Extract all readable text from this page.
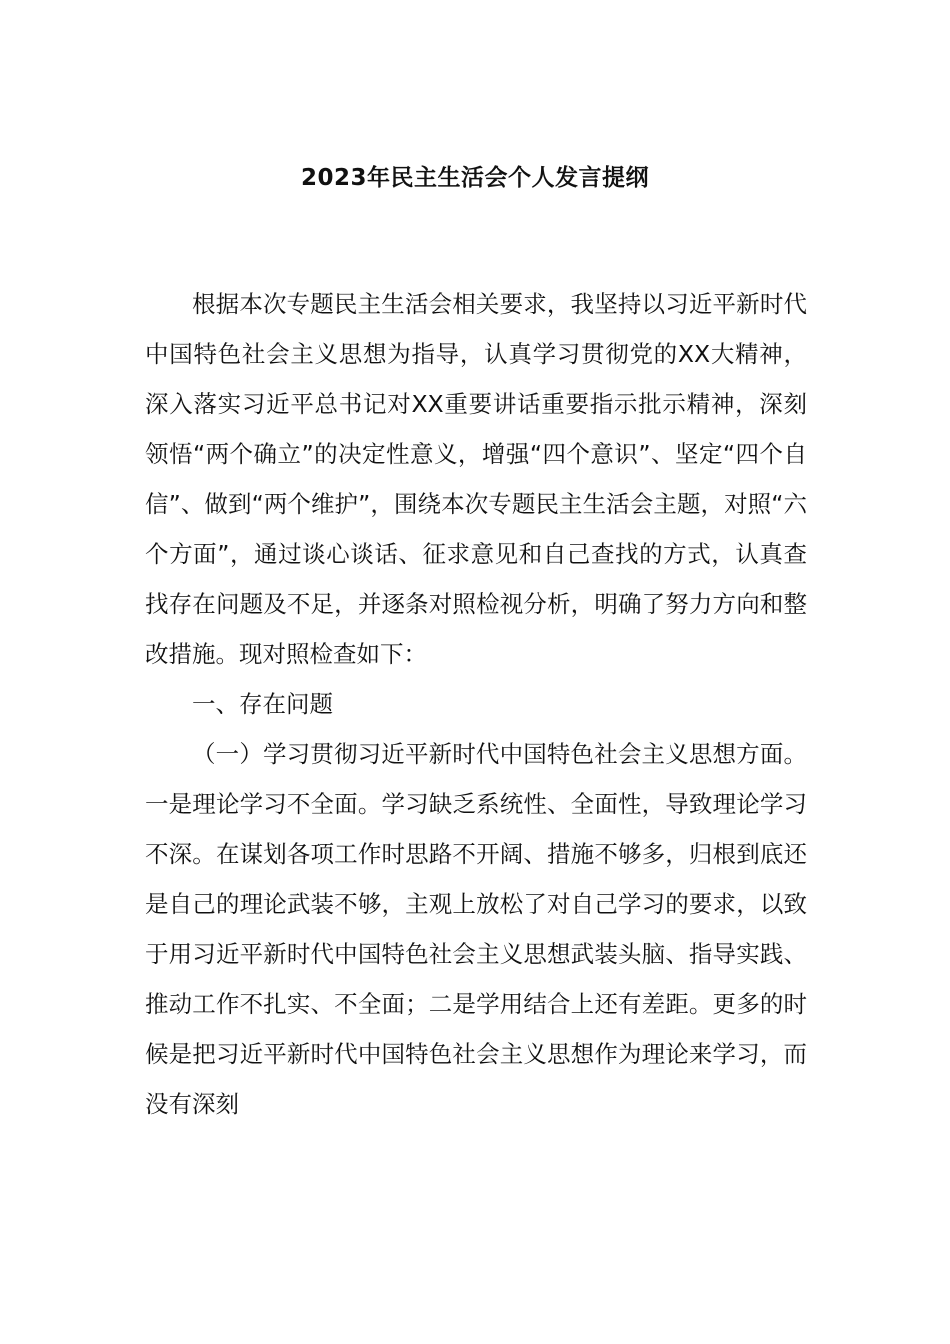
2023年民主生活会个人发言提纲

根据本次专题民主生活会相关要求，我坚持以习近平新时代中国特色社会主义思想为指导，认真学习贯彻党的XX大精神，深入落实习近平总书记对XX重要讲话重要指示批示精神，深刻领悟“两个确立”的决定性意义，增强“四个意识”、坚定“四个自信”、做到“两个维护”，围绕本次专题民主生活会主题，对照“六个方面”，通过谈心谈话、征求意见和自己查找的方式，认真查找存在问题及不足，并逐条对照检视分析，明确了努力方向和整改措施。现对照检查如下：

一、存在问题

（一）学习贯彻习近平新时代中国特色社会主义思想方面。一是理论学习不全面。学习缺乏系统性、全面性，导致理论学习不深。在谋划各项工作时思路不开阔、措施不够多，归根到底还是自己的理论武装不够，主观上放松了对自己学习的要求，以致于用习近平新时代中国特色社会主义思想武装头脑、指导实践、推动工作不扎实、不全面；二是学用结合上还有差距。更多的时候是把习近平新时代中国特色社会主义思想作为理论来学习，而没有深刻
